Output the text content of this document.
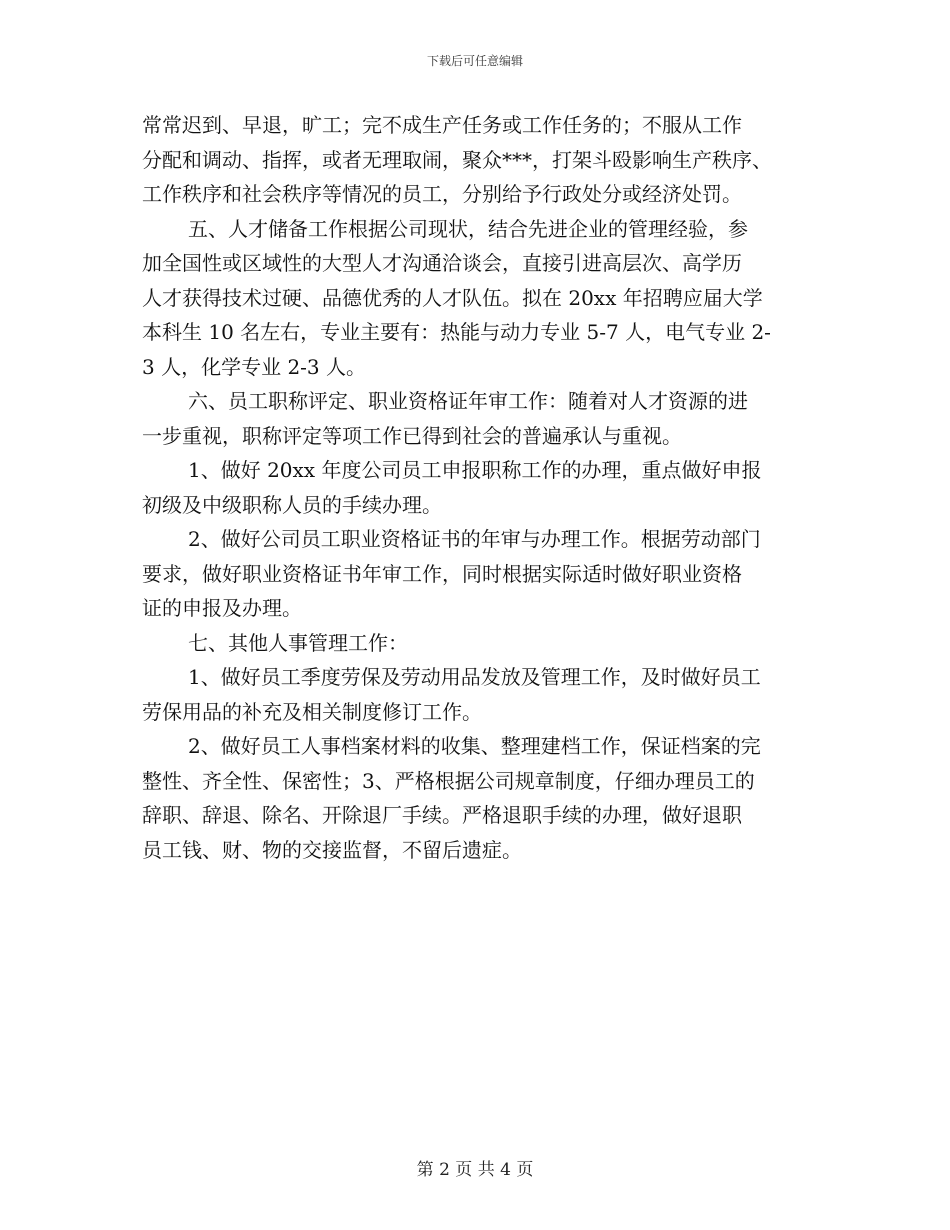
下载后可任意编辑
常常迟到、早退，旷工；完不成生产任务或工作任务的；不服从工作
分配和调动、指挥，或者无理取闹，聚众***，打架斗殴影响生产秩序、
工作秩序和社会秩序等情况的员工，分别给予行政处分或经济处罚。
五、人才储备工作根据公司现状，结合先进企业的管理经验，参
加全国性或区域性的大型人才沟通洽谈会，直接引进高层次、高学历
人才获得技术过硬、品德优秀的人才队伍。拟在 20xx 年招聘应届大学
本科生 10 名左右，专业主要有：热能与动力专业 5-7 人，电气专业 2-
3 人，化学专业 2-3 人。
六、员工职称评定、职业资格证年审工作：随着对人才资源的进
一步重视，职称评定等项工作已得到社会的普遍承认与重视。
1、做好 20xx 年度公司员工申报职称工作的办理，重点做好申报
初级及中级职称人员的手续办理。
2、做好公司员工职业资格证书的年审与办理工作。根据劳动部门
要求，做好职业资格证书年审工作，同时根据实际适时做好职业资格
证的申报及办理。
七、其他人事管理工作：
1、做好员工季度劳保及劳动用品发放及管理工作，及时做好员工
劳保用品的补充及相关制度修订工作。
2、做好员工人事档案材料的收集、整理建档工作，保证档案的完
整性、齐全性、保密性；3、严格根据公司规章制度，仔细办理员工的
辞职、辞退、除名、开除退厂手续。严格退职手续的办理，做好退职
员工钱、财、物的交接监督，不留后遗症。
第 2 页 共 4 页
